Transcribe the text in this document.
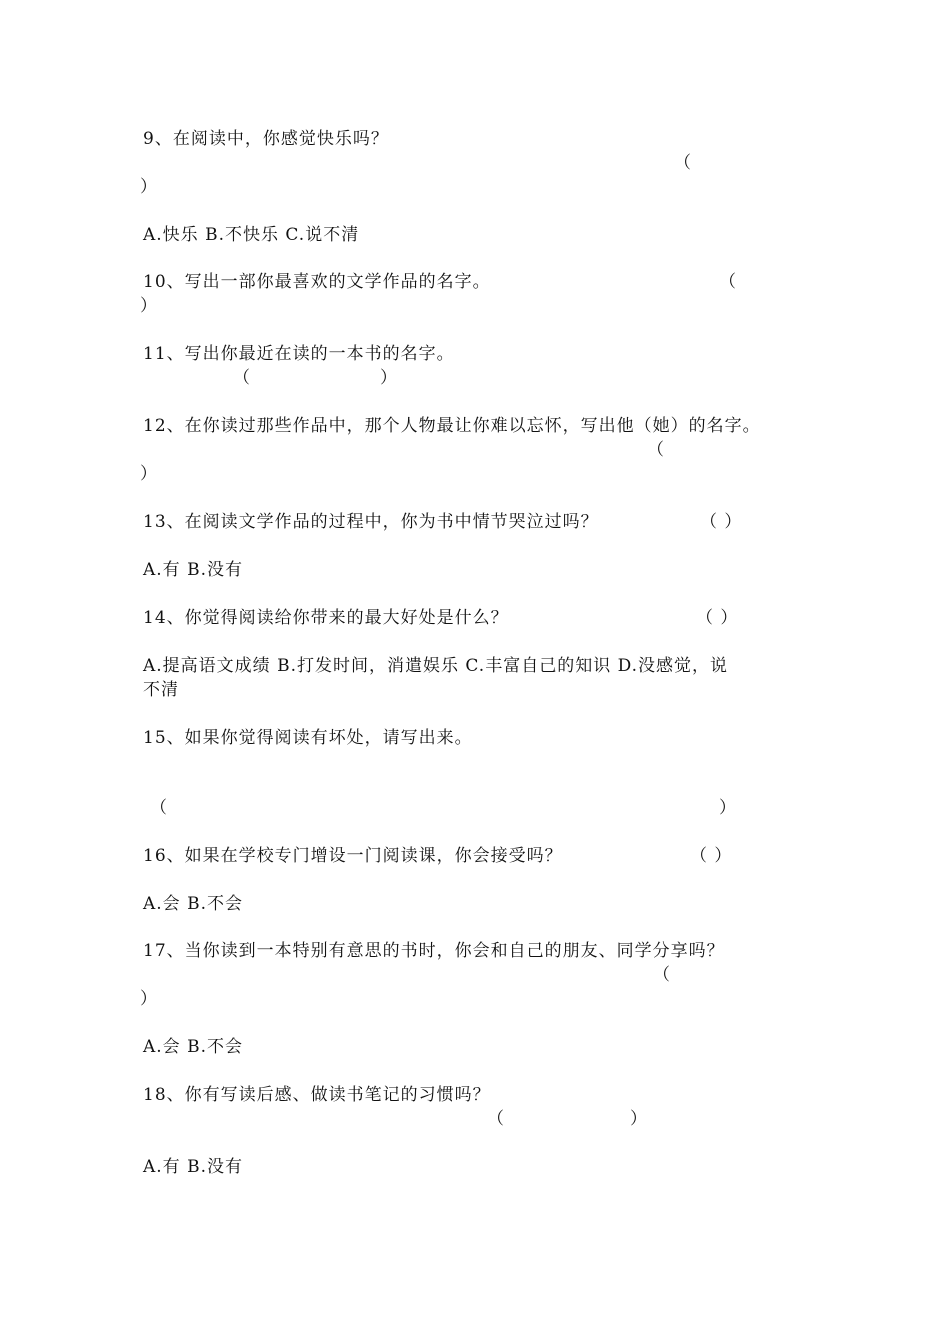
9、在阅读中，你感觉快乐吗？
（
）
A.快乐 B.不快乐 C.说不清
10、写出一部你最喜欢的文学作品的名字。	（
）
11、写出你最近在读的一本书的名字。
（	）
12、在你读过那些作品中，那个人物最让你难以忘怀，写出他（她）的名字。
（
）
13、在阅读文学作品的过程中，你为书中情节哭泣过吗？	（ ）
A.有 B.没有
14、你觉得阅读给你带来的最大好处是什么？	（ ）
A.提高语文成绩 B.打发时间，消遣娱乐 C.丰富自己的知识 D.没感觉，说
不清
15、如果你觉得阅读有坏处，请写出来。
（	）
16、如果在学校专门增设一门阅读课，你会接受吗？	（ ）
A.会 B.不会
17、当你读到一本特别有意思的书时，你会和自己的朋友、同学分享吗？
（
）
A.会 B.不会
18、你有写读后感、做读书笔记的习惯吗？
（	）
A.有 B.没有
